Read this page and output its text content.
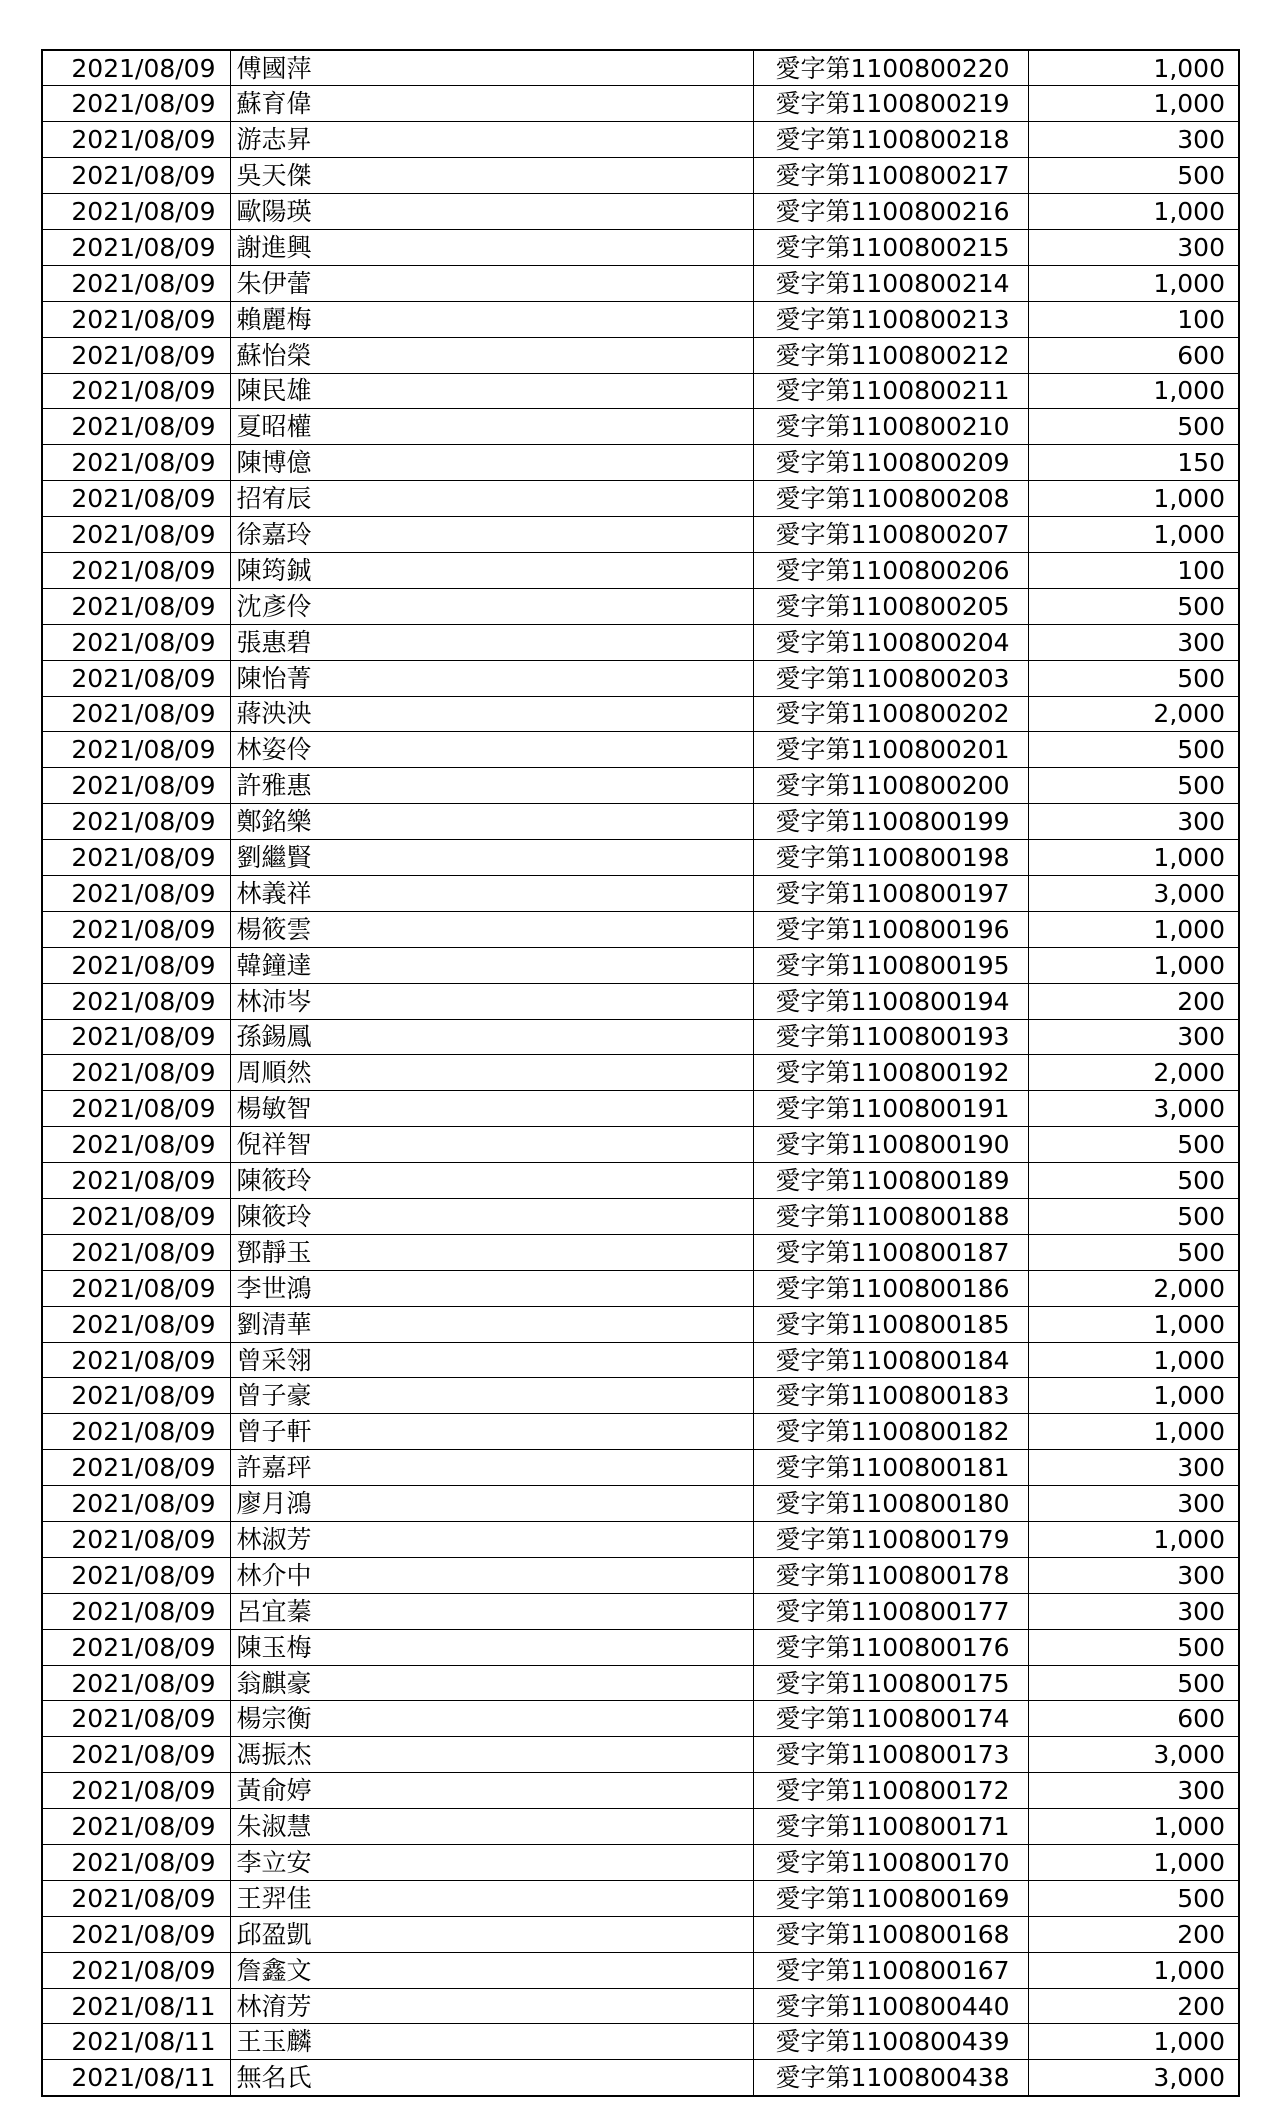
2021/08/09	傅國萍	愛字第1100800220	1,000
2021/08/09	蘇育偉	愛字第1100800219	1,000
2021/08/09	游志昇	愛字第1100800218	300
2021/08/09	吳天傑	愛字第1100800217	500
2021/08/09	歐陽瑛	愛字第1100800216	1,000
2021/08/09	謝進興	愛字第1100800215	300
2021/08/09	朱伊蕾	愛字第1100800214	1,000
2021/08/09	賴麗梅	愛字第1100800213	100
2021/08/09	蘇怡榮	愛字第1100800212	600
2021/08/09	陳民雄	愛字第1100800211	1,000
2021/08/09	夏昭權	愛字第1100800210	500
2021/08/09	陳博億	愛字第1100800209	150
2021/08/09	招宥辰	愛字第1100800208	1,000
2021/08/09	徐嘉玲	愛字第1100800207	1,000
2021/08/09	陳筠鋮	愛字第1100800206	100
2021/08/09	沈彥伶	愛字第1100800205	500
2021/08/09	張惠碧	愛字第1100800204	300
2021/08/09	陳怡菁	愛字第1100800203	500
2021/08/09	蔣泱泱	愛字第1100800202	2,000
2021/08/09	林姿伶	愛字第1100800201	500
2021/08/09	許雅惠	愛字第1100800200	500
2021/08/09	鄭銘樂	愛字第1100800199	300
2021/08/09	劉繼賢	愛字第1100800198	1,000
2021/08/09	林義祥	愛字第1100800197	3,000
2021/08/09	楊筱雲	愛字第1100800196	1,000
2021/08/09	韓鐘達	愛字第1100800195	1,000
2021/08/09	林沛岑	愛字第1100800194	200
2021/08/09	孫錫鳳	愛字第1100800193	300
2021/08/09	周順然	愛字第1100800192	2,000
2021/08/09	楊敏智	愛字第1100800191	3,000
2021/08/09	倪祥智	愛字第1100800190	500
2021/08/09	陳筱玲	愛字第1100800189	500
2021/08/09	陳筱玲	愛字第1100800188	500
2021/08/09	鄧靜玉	愛字第1100800187	500
2021/08/09	李世鴻	愛字第1100800186	2,000
2021/08/09	劉清華	愛字第1100800185	1,000
2021/08/09	曾采翎	愛字第1100800184	1,000
2021/08/09	曾子豪	愛字第1100800183	1,000
2021/08/09	曾子軒	愛字第1100800182	1,000
2021/08/09	許嘉玶	愛字第1100800181	300
2021/08/09	廖月鴻	愛字第1100800180	300
2021/08/09	林淑芳	愛字第1100800179	1,000
2021/08/09	林介中	愛字第1100800178	300
2021/08/09	呂宜蓁	愛字第1100800177	300
2021/08/09	陳玉梅	愛字第1100800176	500
2021/08/09	翁麒豪	愛字第1100800175	500
2021/08/09	楊宗衡	愛字第1100800174	600
2021/08/09	馮振杰	愛字第1100800173	3,000
2021/08/09	黃俞婷	愛字第1100800172	300
2021/08/09	朱淑慧	愛字第1100800171	1,000
2021/08/09	李立安	愛字第1100800170	1,000
2021/08/09	王羿佳	愛字第1100800169	500
2021/08/09	邱盈凱	愛字第1100800168	200
2021/08/09	詹鑫文	愛字第1100800167	1,000
2021/08/11	林淯芳	愛字第1100800440	200
2021/08/11	王玉麟	愛字第1100800439	1,000
2021/08/11	無名氏	愛字第1100800438	3,000
